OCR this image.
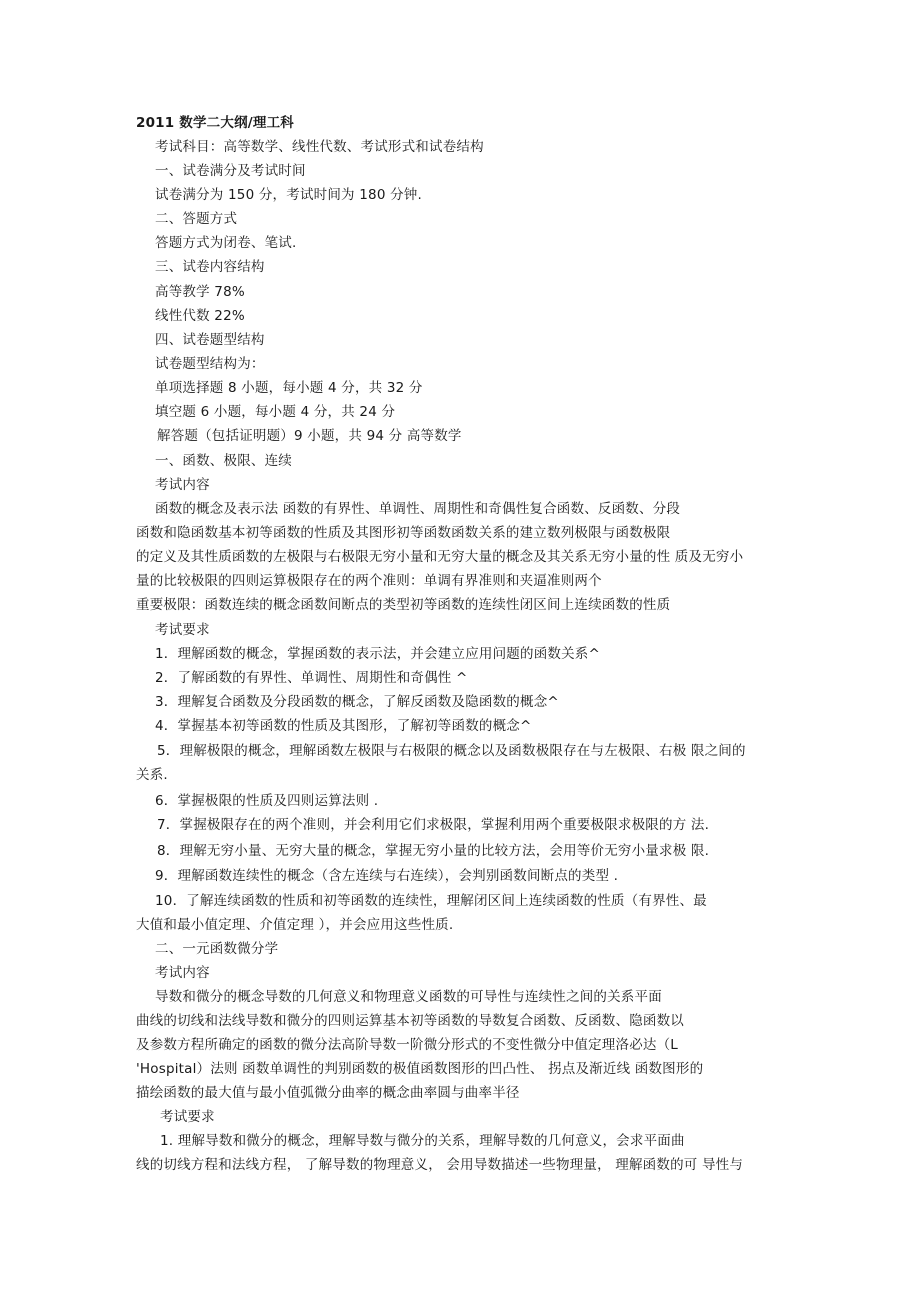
2011 数学二大纲/理工科
考试科目：高等数学、线性代数、考试形式和试卷结构
一、试卷满分及考试时间
试卷满分为 150 分，考试时间为 180 分钟.
二、答题方式
答题方式为闭卷、笔试.
三、试卷内容结构
高等教学 78%
线性代数 22%
四、试卷题型结构
试卷题型结构为：
单项选择题 8 小题，每小题 4 分，共 32 分
填空题 6 小题，每小题 4 分，共 24 分
解答题（包括证明题）9 小题，共 94 分 高等数学
一、函数、极限、连续
考试内容
函数的概念及表示法 函数的有界性、单调性、周期性和奇偶性复合函数、反函数、分段
函数和隐函数基本初等函数的性质及其图形初等函数函数关系的建立数列极限与函数极限
的定义及其性质函数的左极限与右极限无穷小量和无穷大量的概念及其关系无穷小量的性 质及无穷小
量的比较极限的四则运算极限存在的两个准则：单调有界准则和夹逼准则两个
重要极限：函数连续的概念函数间断点的类型初等函数的连续性闭区间上连续函数的性质
考试要求
1．理解函数的概念，掌握函数的表示法，并会建立应用问题的函数关系^
2．了解函数的有界性、单调性、周期性和奇偶性 ^
3．理解复合函数及分段函数的概念，了解反函数及隐函数的概念^
4．掌握基本初等函数的性质及其图形，了解初等函数的概念^
5．理解极限的概念，理解函数左极限与右极限的概念以及函数极限存在与左极限、右极 限之间的
关系.
6．掌握极限的性质及四则运算法则 .
7．掌握极限存在的两个准则，并会利用它们求极限，掌握利用两个重要极限求极限的方 法.
8．理解无穷小量、无穷大量的概念，掌握无穷小量的比较方法，会用等价无穷小量求极 限.
9．理解函数连续性的概念（含左连续与右连续），会判别函数间断点的类型 .
10．了解连续函数的性质和初等函数的连续性，理解闭区间上连续函数的性质（有界性、最
大值和最小值定理、介值定理 ），并会应用这些性质.
二、一元函数微分学
考试内容
导数和微分的概念导数的几何意义和物理意义函数的可导性与连续性之间的关系平面
曲线的切线和法线导数和微分的四则运算基本初等函数的导数复合函数、反函数、隐函数以
及参数方程所确定的函数的微分法高阶导数一阶微分形式的不变性微分中值定理洛必达（L
'Hospital）法则 函数单调性的判别函数的极值函数图形的凹凸性、 拐点及渐近线 函数图形的
描绘函数的最大值与最小值弧微分曲率的概念曲率圆与曲率半径
考试要求
1. 理解导数和微分的概念，理解导数与微分的关系，理解导数的几何意义，会求平面曲
线的切线方程和法线方程， 了解导数的物理意义， 会用导数描述一些物理量， 理解函数的可 导性与
